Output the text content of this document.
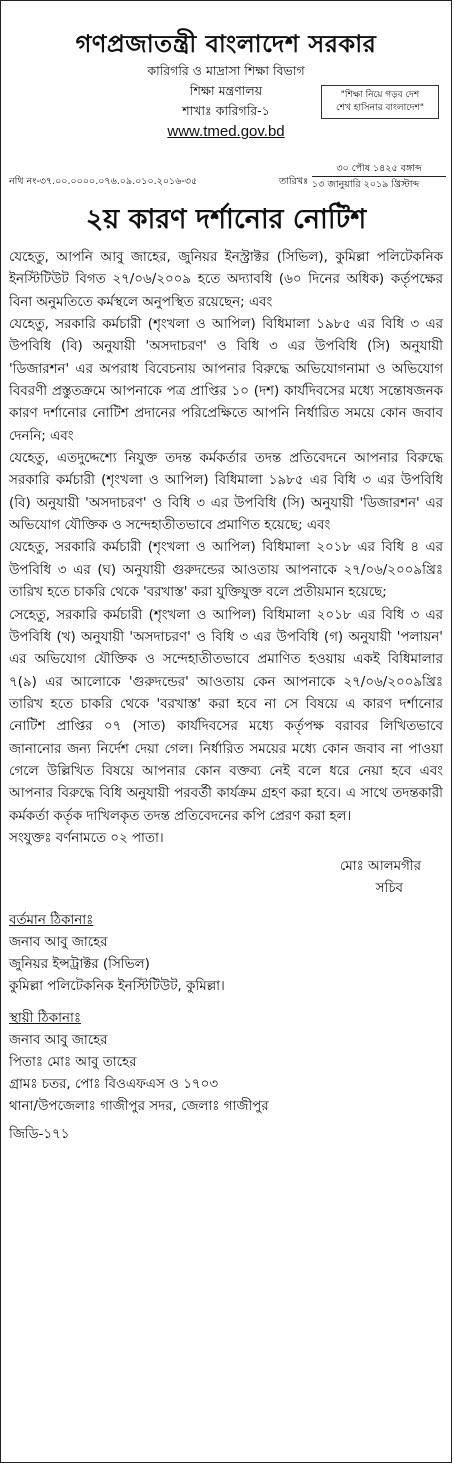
গণপ্রজাতন্ত্রী বাংলাদেশ সরকার
কারিগরি ও মাদ্রাসা শিক্ষা বিভাগ
শিক্ষা মন্ত্রণালয়
শাখাঃ কারিগরি-১
www.tmed.gov.bd
"শিক্ষা নিয়ে গড়ব দেশ
শেখ হাসিনার বাংলাদেশ"
নথি নং-৩৭.০০.০০০০.০৭৬.০৯.০১০.২০১৬-৩৫	তারিখঃ
৩০ পৌষ ১৪২৫ বঙ্গাব্দ
১৩ জানুয়ারি ২০১৯ খ্রিস্টাব্দ
২য় কারণ দর্শানোর নোটিশ

যেহেতু, আপনি আবু জাহের, জুনিয়র ইনস্ট্রাক্টর (সিভিল), কুমিল্লা পলিটেকনিক ইনস্টিটিউট বিগত ২৭/০৬/২০০৯ হতে অদ্যাবধি (৬০ দিনের অধিক) কর্তৃপক্ষের বিনা অনুমতিতে কর্মস্থলে অনুপস্থিত রয়েছেন; এবং

যেহেতু, সরকারি কর্মচারী (শৃংখলা ও আপিল) বিধিমালা ১৯৮৫ এর বিধি ৩ এর উপবিধি (বি) অনুযায়ী 'অসদাচরণ' ও বিধি ৩ এর উপবিধি (সি) অনুযায়ী 'ডিজারশন' এর অপরাধ বিবেচনায় আপনার বিরুদ্ধে অভিযোগনামা ও অভিযোগ বিবরণী প্রস্তুতক্রমে আপনাকে পত্র প্রাপ্তির ১০ (দশ) কার্যদিবসের মধ্যে সন্তোষজনক কারণ দর্শানোর নোটিশ প্রদানের পরিপ্রেক্ষিতে আপনি নির্ধারিত সময়ে কোন জবাব দেননি; এবং

যেহেতু, এতদুদ্দেশ্যে নিযুক্ত তদন্ত কর্মকর্তার তদন্ত প্রতিবেদনে আপনার বিরুদ্ধে সরকারি কর্মচারী (শৃংখলা ও আপিল) বিধিমালা ১৯৮৫ এর বিধি ৩ এর উপবিধি (বি) অনুযায়ী 'অসদাচরণ' ও বিধি ৩ এর উপবিধি (সি) অনুযায়ী 'ডিজারশন' এর অভিযোগ যৌক্তিক ও সন্দেহাতীতভাবে প্রমাণিত হয়েছে; এবং

যেহেতু, সরকারি কর্মচারী (শৃংখলা ও আপিল) বিধিমালা ২০১৮ এর বিধি ৪ এর উপবিধি ৩ এর (ঘ) অনুযায়ী গুরুদন্ডের আওতায় আপনাকে ২৭/০৬/২০০৯খ্রিঃ তারিখ হতে চাকরি থেকে 'বরখাস্ত' করা যুক্তিযুক্ত বলে প্রতীয়মান হয়েছে;

সেহেতু, সরকারি কর্মচারী (শৃংখলা ও আপিল) বিধিমালা ২০১৮ এর বিধি ৩ এর উপবিধি (খ) অনুযায়ী 'অসদাচরণ' ও বিধি ৩ এর উপবিধি (গ) অনুযায়ী 'পলায়ন' এর অভিযোগ যৌক্তিক ও সন্দেহাতীতভাবে প্রমাণিত হওয়ায় একই বিধিমালার ৭(৯) এর আলোকে 'গুরুদন্ডের' আওতায় কেন আপনাকে ২৭/০৬/২০০৯খ্রিঃ তারিখ হতে চাকরি থেকে 'বরখাস্ত' করা হবে না সে বিষয়ে এ কারণ দর্শানোর নোটিশ প্রাপ্তির ০৭ (সাত) কার্যদিবসের মধ্যে কর্তৃপক্ষ বরাবর লিখিতভাবে জানানোর জন্য নির্দেশ দেয়া গেল। নির্ধারিত সময়ের মধ্যে কোন জবাব না পাওয়া গেলে উল্লিখিত বিষয়ে আপনার কোন বক্তব্য নেই বলে ধরে নেয়া হবে এবং আপনার বিরুদ্ধে বিধি অনুযায়ী পরবর্তী কার্যক্রম গ্রহণ করা হবে। এ সাথে তদন্তকারী কর্মকর্তা কর্তৃক দাখিলকৃত তদন্ত প্রতিবেদনের কপি প্রেরণ করা হল।

সংযুক্তঃ বর্ণনামতে ০২ পাতা।

মোঃ আলমগীর
সচিব
বর্তমান ঠিকানাঃ
জনাব আবু জাহের
জুনিয়র ইন্সট্রাক্টর (সিভিল)
কুমিল্লা পলিটেকনিক ইনস্টিটিউট, কুমিল্লা।
স্থায়ী ঠিকানাঃ
জনাব আবু জাহের
পিতাঃ মোঃ আবু তাহের
গ্রামঃ চতর, পোঃ বিওএফএস ও ১৭০৩
থানা/উপজেলাঃ গাজীপুর সদর, জেলাঃ গাজীপুর
জিডি-১৭১
